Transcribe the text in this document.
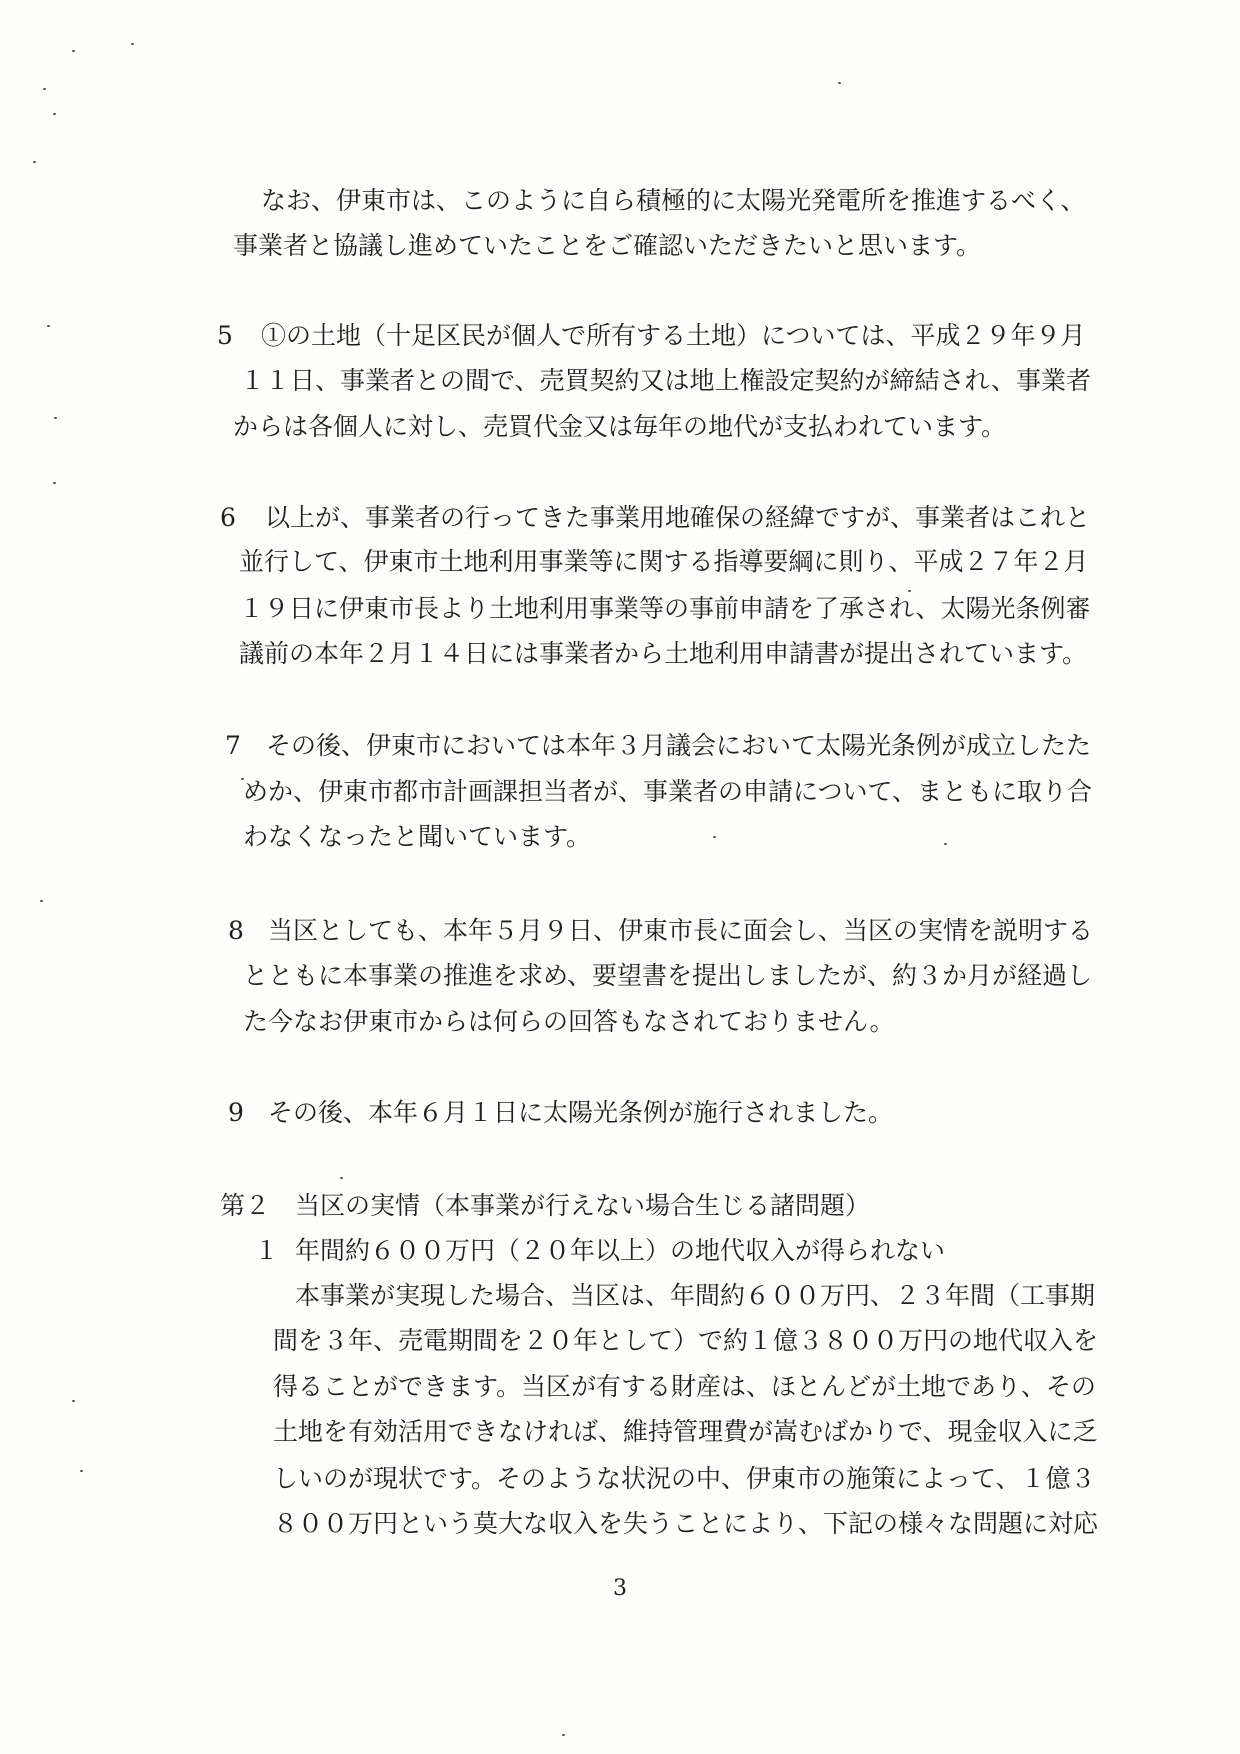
なお、伊東市は、このように自ら積極的に太陽光発電所を推進するべく、
事業者と協議し進めていたことをご確認いただきたいと思います。
5 ①の土地（十足区民が個人で所有する土地）については、平成２９年９月
１１日、事業者との間で、売買契約又は地上権設定契約が締結され、事業者
からは各個人に対し、売買代金又は毎年の地代が支払われています。
6 以上が、事業者の行ってきた事業用地確保の経緯ですが、事業者はこれと
並行して、伊東市土地利用事業等に関する指導要綱に則り、平成２７年２月
１９日に伊東市長より土地利用事業等の事前申請を了承され、太陽光条例審
議前の本年２月１４日には事業者から土地利用申請書が提出されています。
7 その後、伊東市においては本年３月議会において太陽光条例が成立したた
めか、伊東市都市計画課担当者が、事業者の申請について、まともに取り合
わなくなったと聞いています。
8 当区としても、本年５月９日、伊東市長に面会し、当区の実情を説明する
とともに本事業の推進を求め、要望書を提出しましたが、約３か月が経過し
た今なお伊東市からは何らの回答もなされておりません。
9 その後、本年６月１日に太陽光条例が施行されました。
第２ 当区の実情（本事業が行えない場合生じる諸問題）
１ 年間約６００万円（２０年以上）の地代収入が得られない
本事業が実現した場合、当区は、年間約６００万円、２３年間（工事期
間を３年、売電期間を２０年として）で約１億３８００万円の地代収入を
得ることができます。当区が有する財産は、ほとんどが土地であり、その
土地を有効活用できなければ、維持管理費が嵩むばかりで、現金収入に乏
しいのが現状です。そのような状況の中、伊東市の施策によって、１億３
８００万円という莫大な収入を失うことにより、下記の様々な問題に対応
3
